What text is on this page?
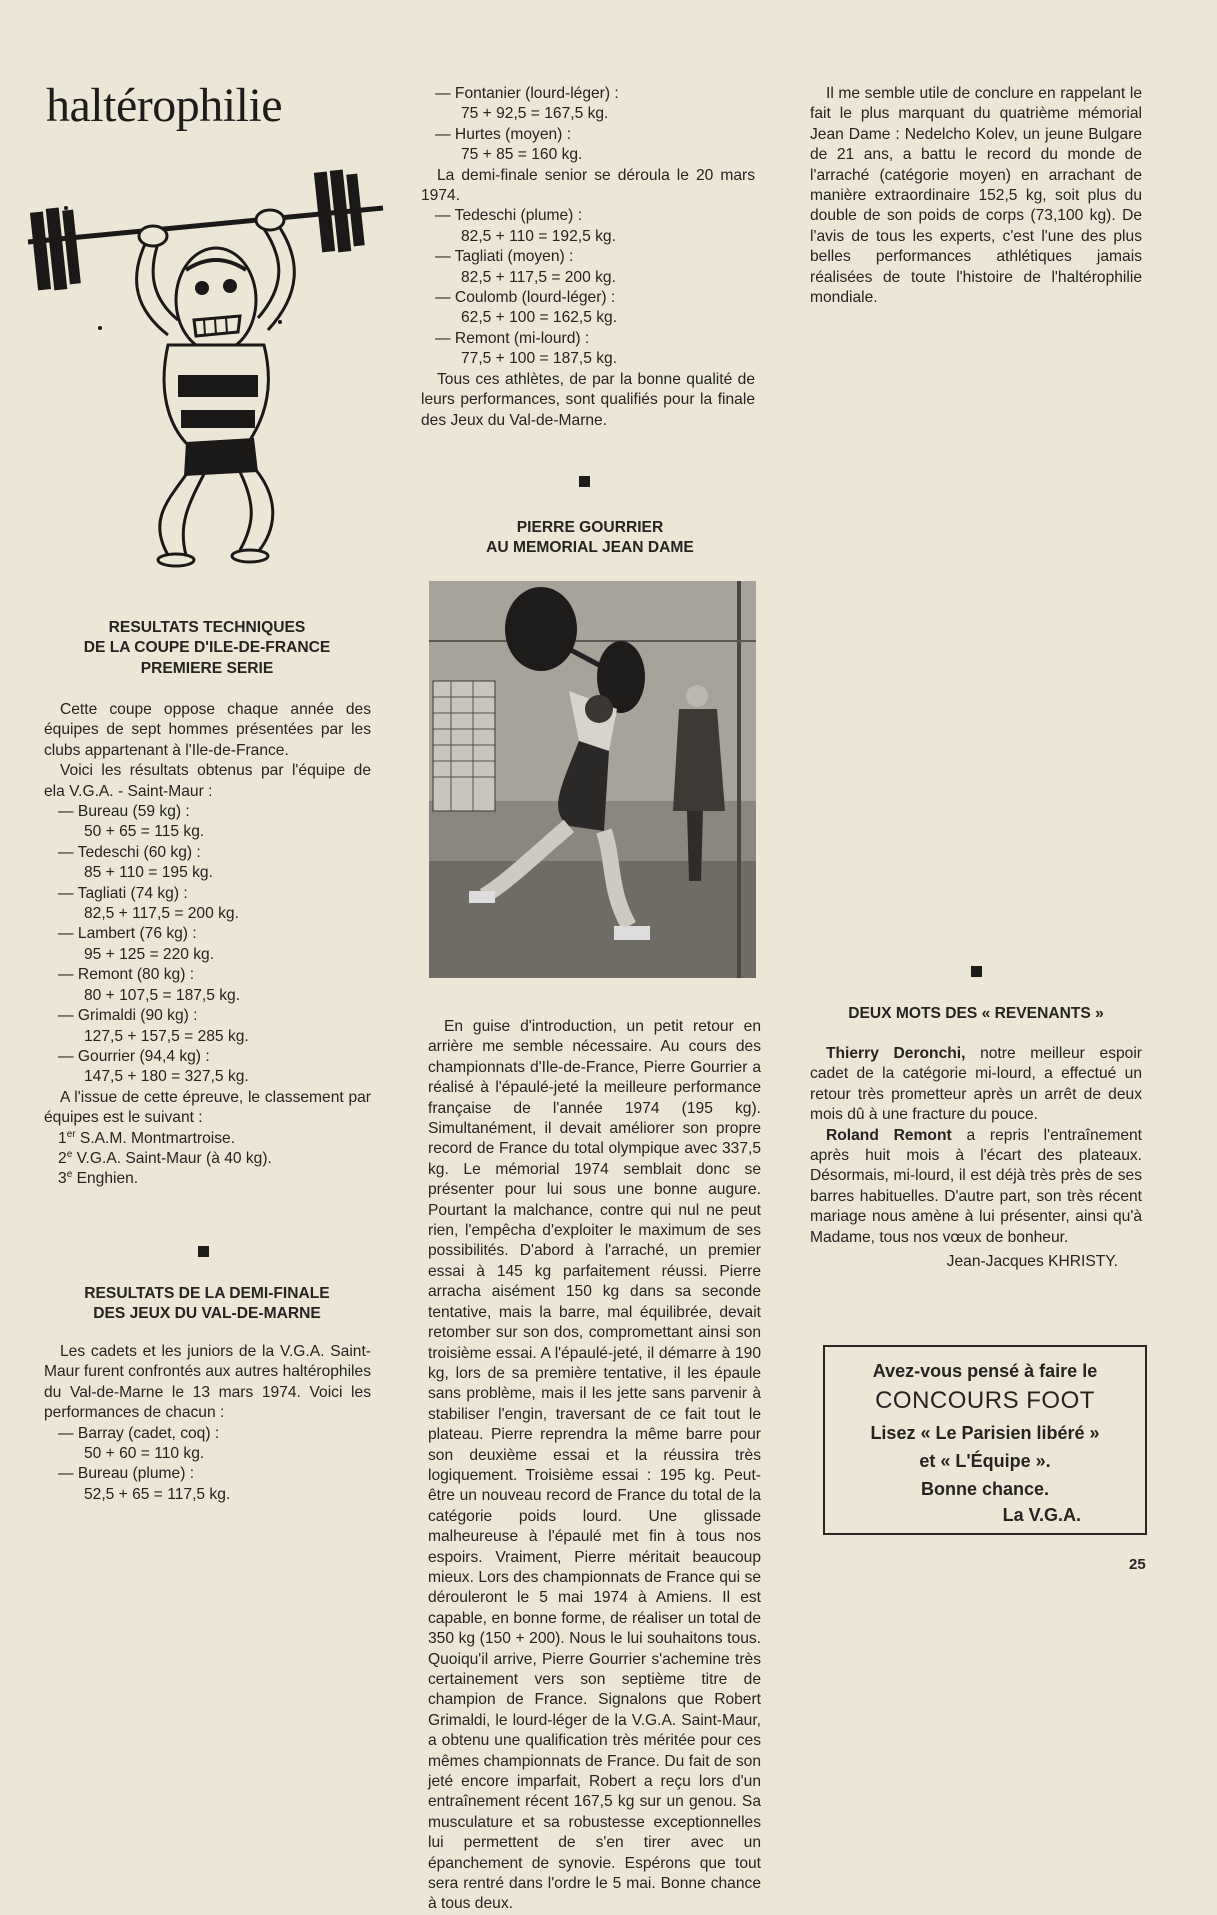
haltérophilie
RESULTATS TECHNIQUES
DE LA COUPE D'ILE-DE-FRANCE
PREMIERE SERIE

Cette coupe oppose chaque année des équipes de sept hommes présentées par les clubs appartenant à l'Ile-de-France.

Voici les résultats obtenus par l'équipe de ela V.G.A. - Saint-Maur :

— Bureau (59 kg) :
50 + 65 = 115 kg.
— Tedeschi (60 kg) :
85 + 110 = 195 kg.
— Tagliati (74 kg) :
82,5 + 117,5 = 200 kg.
— Lambert (76 kg) :
95 + 125 = 220 kg.
— Remont (80 kg) :
80 + 107,5 = 187,5 kg.
— Grimaldi (90 kg) :
127,5 + 157,5 = 285 kg.
— Gourrier (94,4 kg) :
147,5 + 180 = 327,5 kg.

A l'issue de cette épreuve, le classement par équipes est le suivant :

1er S.A.M. Montmartroise.
2e V.G.A. Saint-Maur (à 40 kg).
3e Enghien.
RESULTATS DE LA DEMI-FINALE
DES JEUX DU VAL-DE-MARNE

Les cadets et les juniors de la V.G.A. Saint-Maur furent confrontés aux autres haltérophiles du Val-de-Marne le 13 mars 1974. Voici les performances de chacun :

— Barray (cadet, coq) :
50 + 60 = 110 kg.
— Bureau (plume) :
52,5 + 65 = 117,5 kg.
— Fontanier (lourd-léger) :
75 + 92,5 = 167,5 kg.
— Hurtes (moyen) :
75 + 85 = 160 kg.

La demi-finale senior se déroula le 20 mars 1974.

— Tedeschi (plume) :
82,5 + 110 = 192,5 kg.
— Tagliati (moyen) :
82,5 + 117,5 = 200 kg.
— Coulomb (lourd-léger) :
62,5 + 100 = 162,5 kg.
— Remont (mi-lourd) :
77,5 + 100 = 187,5 kg.

Tous ces athlètes, de par la bonne qualité de leurs performances, sont qualifiés pour la finale des Jeux du Val-de-Marne.

PIERRE GOURRIER
AU MEMORIAL JEAN DAME

En guise d'introduction, un petit retour en arrière me semble nécessaire. Au cours des championnats d'Ile-de-France, Pierre Gourrier a réalisé à l'épaulé-jeté la meilleure performance française de l'année 1974 (195 kg). Simultanément, il devait améliorer son propre record de France du total olympique avec 337,5 kg. Le mémorial 1974 semblait donc se présenter pour lui sous une bonne augure. Pourtant la malchance, contre qui nul ne peut rien, l'empêcha d'exploiter le maximum de ses possibilités. D'abord à l'arraché, un premier essai à 145 kg parfaitement réussi. Pierre arracha aisément 150 kg dans sa seconde tentative, mais la barre, mal équilibrée, devait retomber sur son dos, compromettant ainsi son troisième essai. A l'épaulé-jeté, il démarre à 190 kg, lors de sa première tentative, il les épaule sans problème, mais il les jette sans parvenir à stabiliser l'engin, traversant de ce fait tout le plateau. Pierre reprendra la même barre pour son deuxième essai et la réussira très logiquement. Troisième essai : 195 kg. Peut-être un nouveau record de France du total de la catégorie poids lourd. Une glissade malheureuse à l'épaulé met fin à tous nos espoirs. Vraiment, Pierre méritait beaucoup mieux. Lors des championnats de France qui se dérouleront le 5 mai 1974 à Amiens. Il est capable, en bonne forme, de réaliser un total de 350 kg (150 + 200). Nous le lui souhaitons tous. Quoiqu'il arrive, Pierre Gourrier s'achemine très certainement vers son septième titre de champion de France. Signalons que Robert Grimaldi, le lourd-léger de la V.G.A. Saint-Maur, a obtenu une qualification très méritée pour ces mêmes championnats de France. Du fait de son jeté encore imparfait, Robert a reçu lors d'un entraînement récent 167,5 kg sur un genou. Sa musculature et sa robustesse exceptionnelles lui permettent de s'en tirer avec un épanchement de synovie. Espérons que tout sera rentré dans l'ordre le 5 mai. Bonne chance à tous deux.

Il me semble utile de conclure en rappelant le fait le plus marquant du quatrième mémorial Jean Dame : Nedelcho Kolev, un jeune Bulgare de 21 ans, a battu le record du monde de l'arraché (catégorie moyen) en arrachant de manière extraordinaire 152,5 kg, soit plus du double de son poids de corps (73,100 kg). De l'avis de tous les experts, c'est l'une des plus belles performances athlétiques jamais réalisées de toute l'histoire de l'haltérophilie mondiale.

DEUX MOTS DES « REVENANTS »

Thierry Deronchi, notre meilleur espoir cadet de la catégorie mi-lourd, a effectué un retour très prometteur après un arrêt de deux mois dû à une fracture du pouce.

Roland Remont a repris l'entraînement après huit mois à l'écart des plateaux. Désormais, mi-lourd, il est déjà très près de ses barres habituelles. D'autre part, son très récent mariage nous amène à lui présenter, ainsi qu'à Madame, tous nos vœux de bonheur.

Jean-Jacques KHRISTY.
Avez-vous pensé à faire le
CONCOURS FOOT
Lisez « Le Parisien libéré »
et « L'Équipe ».
Bonne chance.
La V.G.A.
25
